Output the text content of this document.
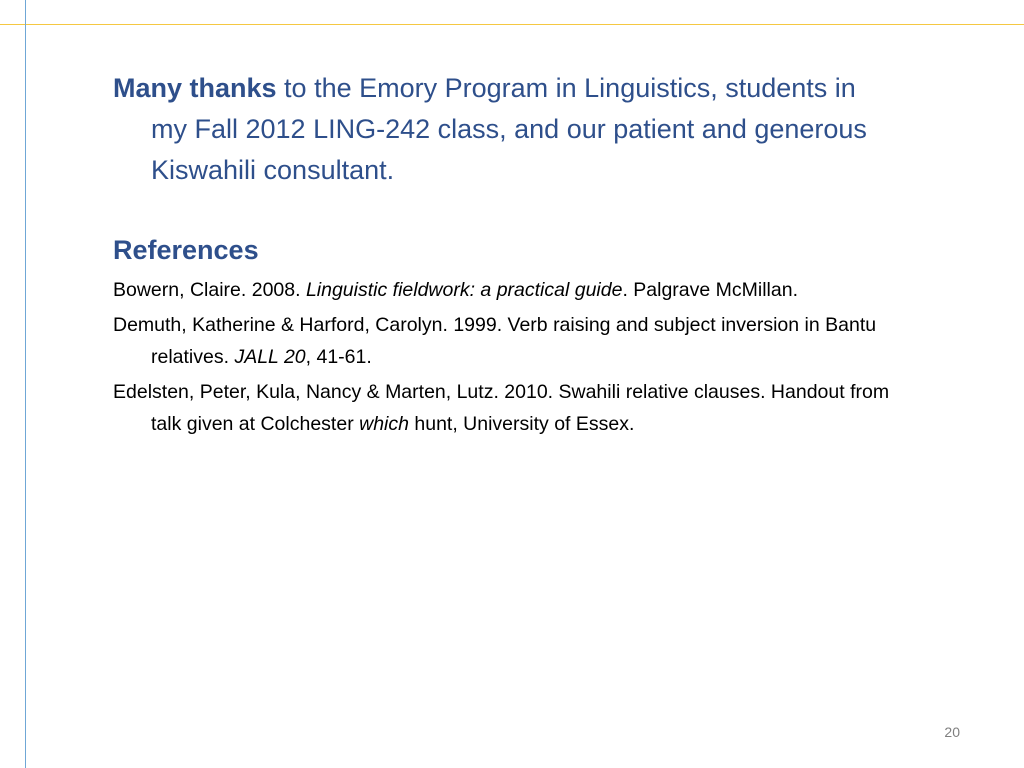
Many thanks to the Emory Program in Linguistics, students in my Fall 2012 LING-242 class, and our patient and generous Kiswahili consultant.

References

Bowern, Claire. 2008. Linguistic fieldwork: a practical guide. Palgrave McMillan.

Demuth, Katherine & Harford, Carolyn. 1999. Verb raising and subject inversion in Bantu relatives. JALL 20, 41-61.

Edelsten, Peter, Kula, Nancy & Marten, Lutz. 2010. Swahili relative clauses. Handout from talk given at Colchester which hunt, University of Essex.

20
